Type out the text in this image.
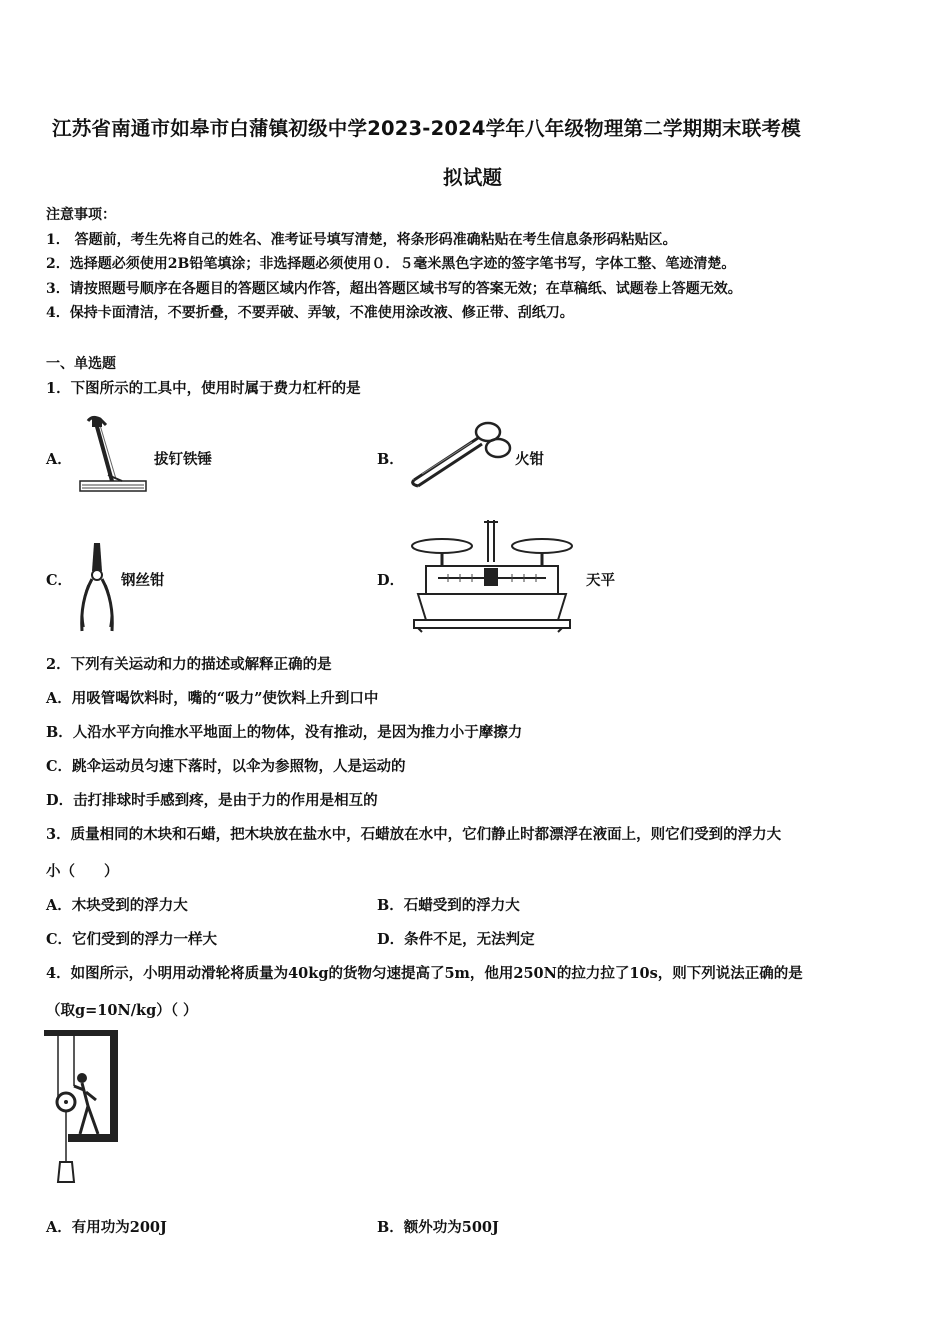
江苏省南通市如皋市白蒲镇初级中学2023-2024学年八年级物理第二学期期末联考模
拟试题
注意事项：
1． 答题前，考生先将自己的姓名、准考证号填写清楚，将条形码准确粘贴在考生信息条形码粘贴区。
2．选择题必须使用2B铅笔填涂；非选择题必须使用０．５毫米黑色字迹的签字笔书写，字体工整、笔迹清楚。
3．请按照题号顺序在各题目的答题区域内作答，超出答题区域书写的答案无效；在草稿纸、试题卷上答题无效。
4．保持卡面清洁，不要折叠，不要弄破、弄皱，不准使用涂改液、修正带、刮纸刀。
一、单选题
1．下图所示的工具中，使用时属于费力杠杆的是
A．	拔钉铁锤	B．	火钳
C．	钢丝钳	D．	天平
2．下列有关运动和力的描述或解释正确的是
A．用吸管喝饮料时，嘴的“吸力”使饮料上升到口中
B．人沿水平方向推水平地面上的物体，没有推动，是因为推力小于摩擦力
C．跳伞运动员匀速下落时，以伞为参照物，人是运动的
D．击打排球时手感到疼，是由于力的作用是相互的
3．质量相同的木块和石蜡，把木块放在盐水中，石蜡放在水中，它们静止时都漂浮在液面上，则它们受到的浮力大
小（　　）
A．木块受到的浮力大	B．石蜡受到的浮力大
C．它们受到的浮力一样大	D．条件不足，无法判定
4．如图所示，小明用动滑轮将质量为40kg的货物匀速提高了5m，他用250N的拉力拉了10s，则下列说法正确的是
（取g=10N/kg）（ ）
A．有用功为200J	B．额外功为500J
